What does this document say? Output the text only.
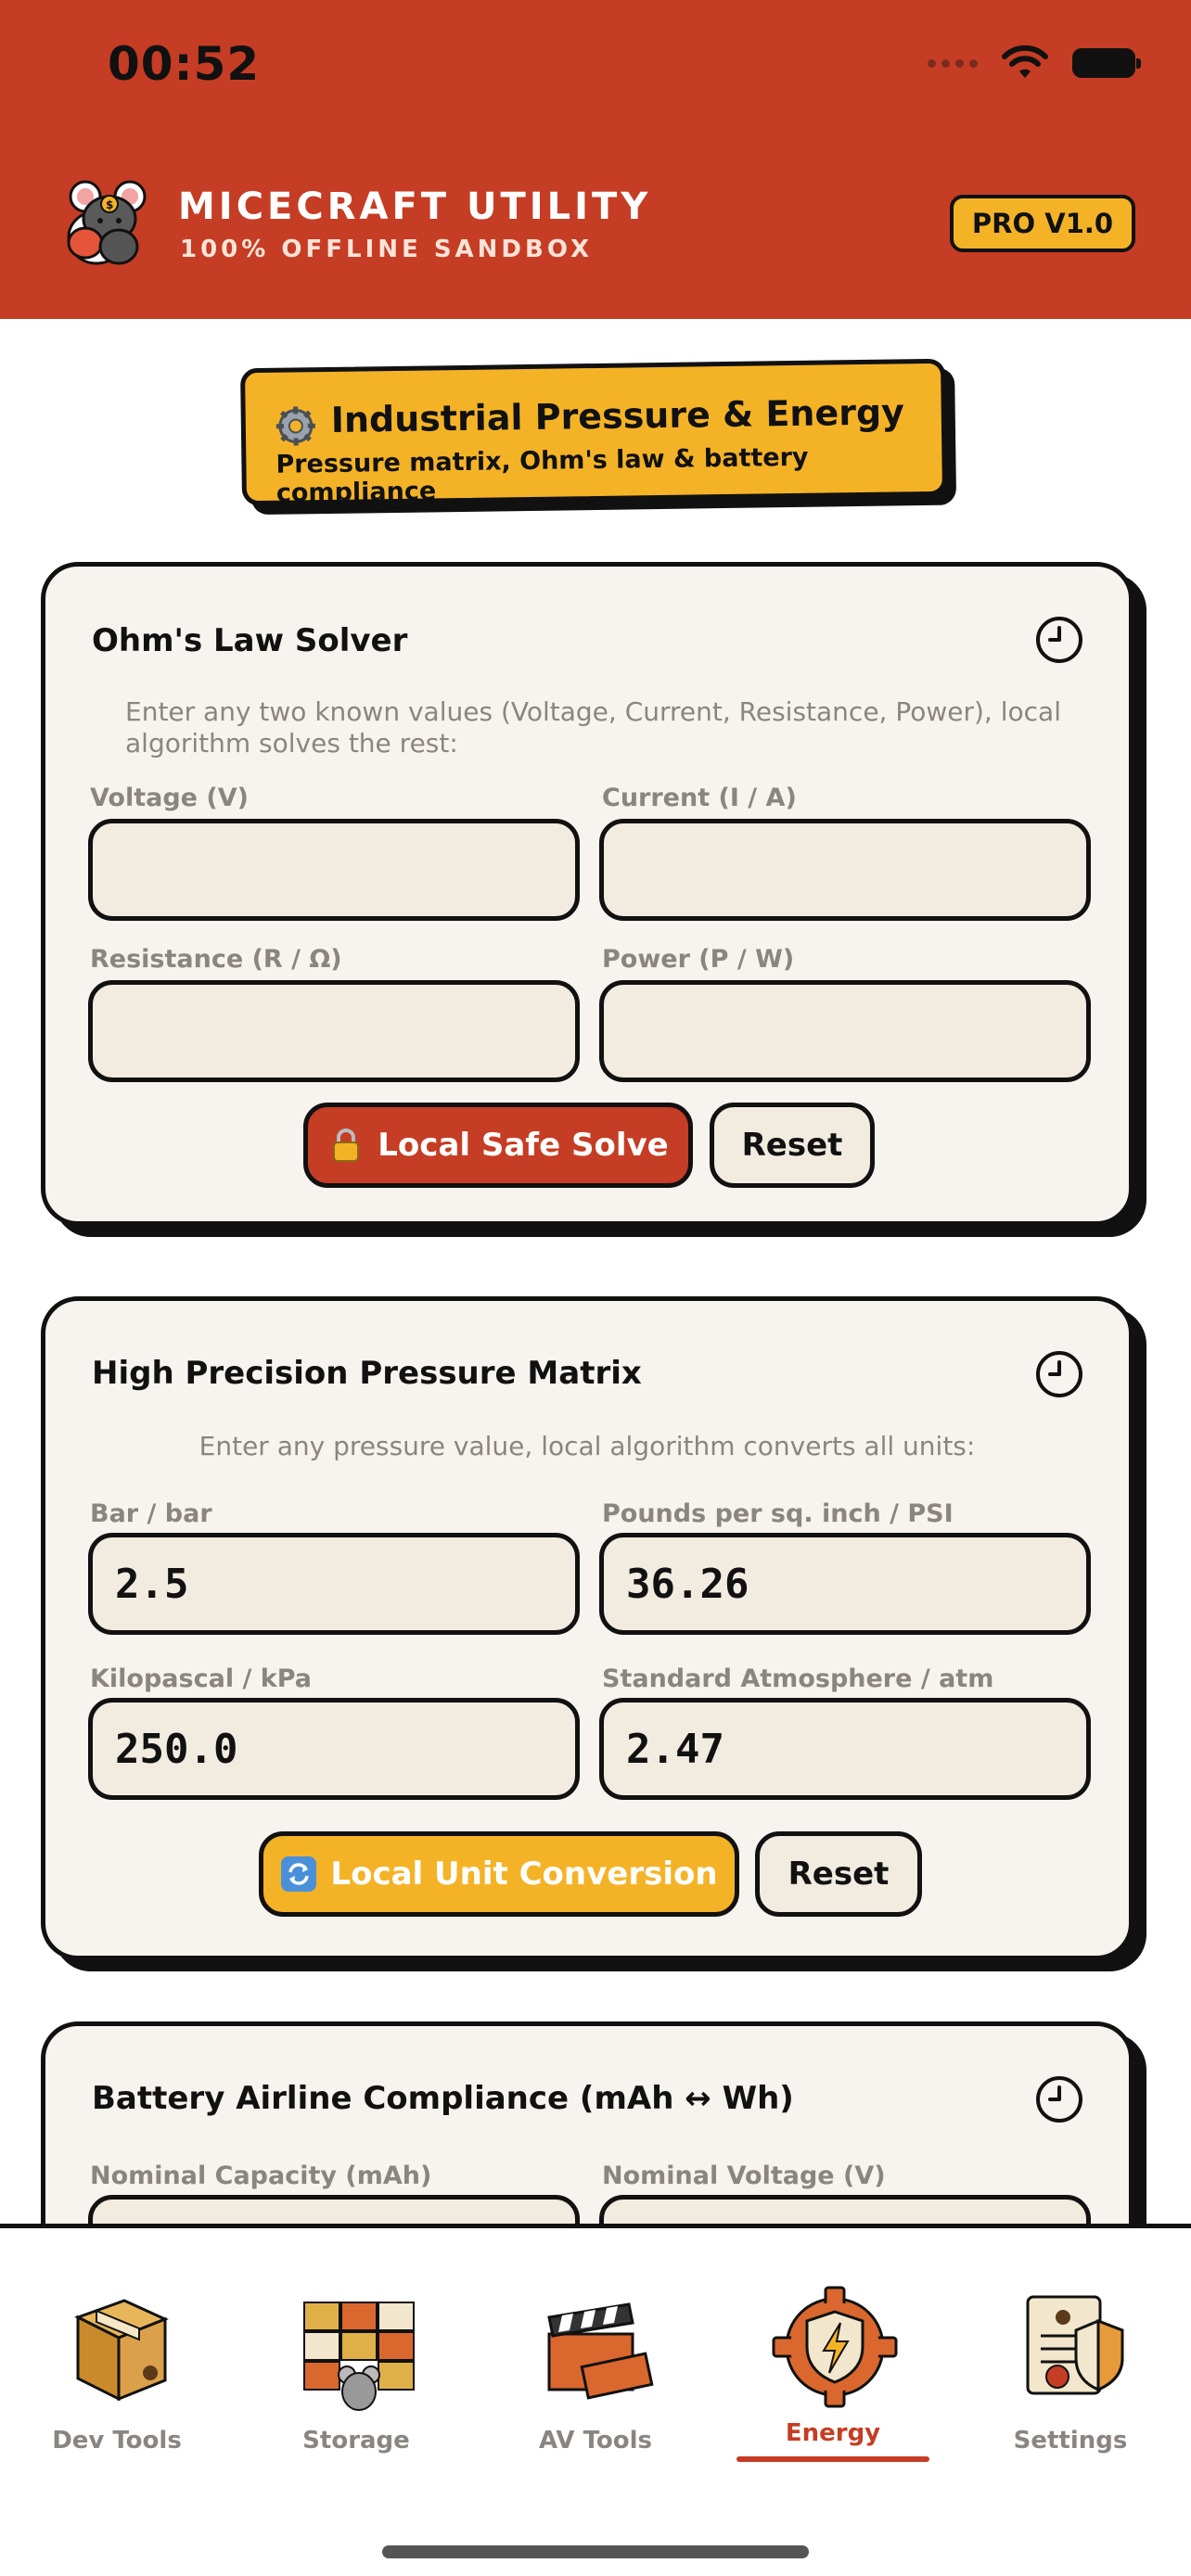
00:52
$ MICECRAFT UTILITY
100% OFFLINE SANDBOX
PRO V1.0
Industrial Pressure & Energy
Pressure matrix, Ohm's law & battery compliance
Ohm's Law Solver
Enter any two known values (Voltage, Current, Resistance, Power), local algorithm solves the rest:
Voltage (V)	Current (I / A)
Resistance (R / Ω)	Power (P / W)
Local Safe Solve	Reset
High Precision Pressure Matrix
Enter any pressure value, local algorithm converts all units:
Bar / bar	Pounds per sq. inch / PSI
2.5	36.26
Kilopascal / kPa	Standard Atmosphere / atm
250.0	2.47
Local Unit Conversion	Reset
Battery Airline Compliance (mAh ↔ Wh)
Nominal Capacity (mAh)	Nominal Voltage (V)
Dev Tools	Storage	AV Tools	Energy	Settings
